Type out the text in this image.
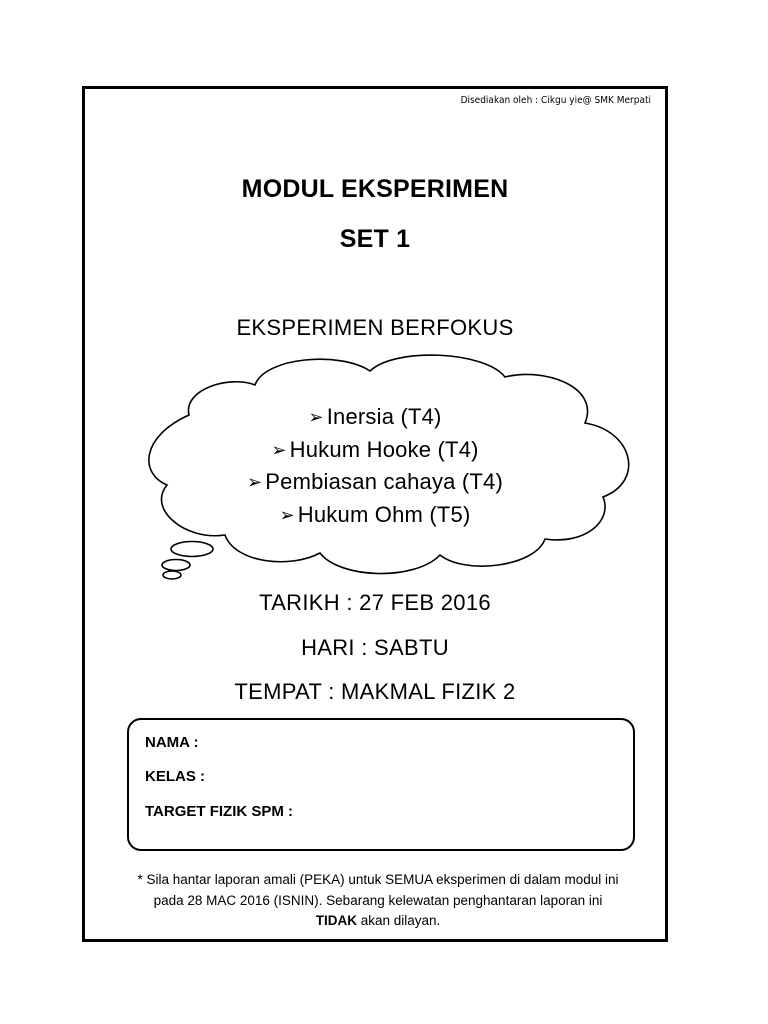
Disediakan oleh : Cikgu yie@ SMK Merpati
MODUL EKSPERIMEN
SET 1
EKSPERIMEN BERFOKUS
➢ Inersia (T4)
➢ Hukum Hooke (T4)
➢ Pembiasan cahaya (T4)
➢ Hukum Ohm (T5)
TARIKH : 27 FEB 2016
HARI : SABTU
TEMPAT : MAKMAL FIZIK 2
NAMA :
KELAS :
TARGET FIZIK SPM :
* Sila hantar laporan amali (PEKA) untuk SEMUA eksperimen di dalam modul ini
pada 28 MAC 2016 (ISNIN). Sebarang kelewatan penghantaran laporan ini
TIDAK akan dilayan.
